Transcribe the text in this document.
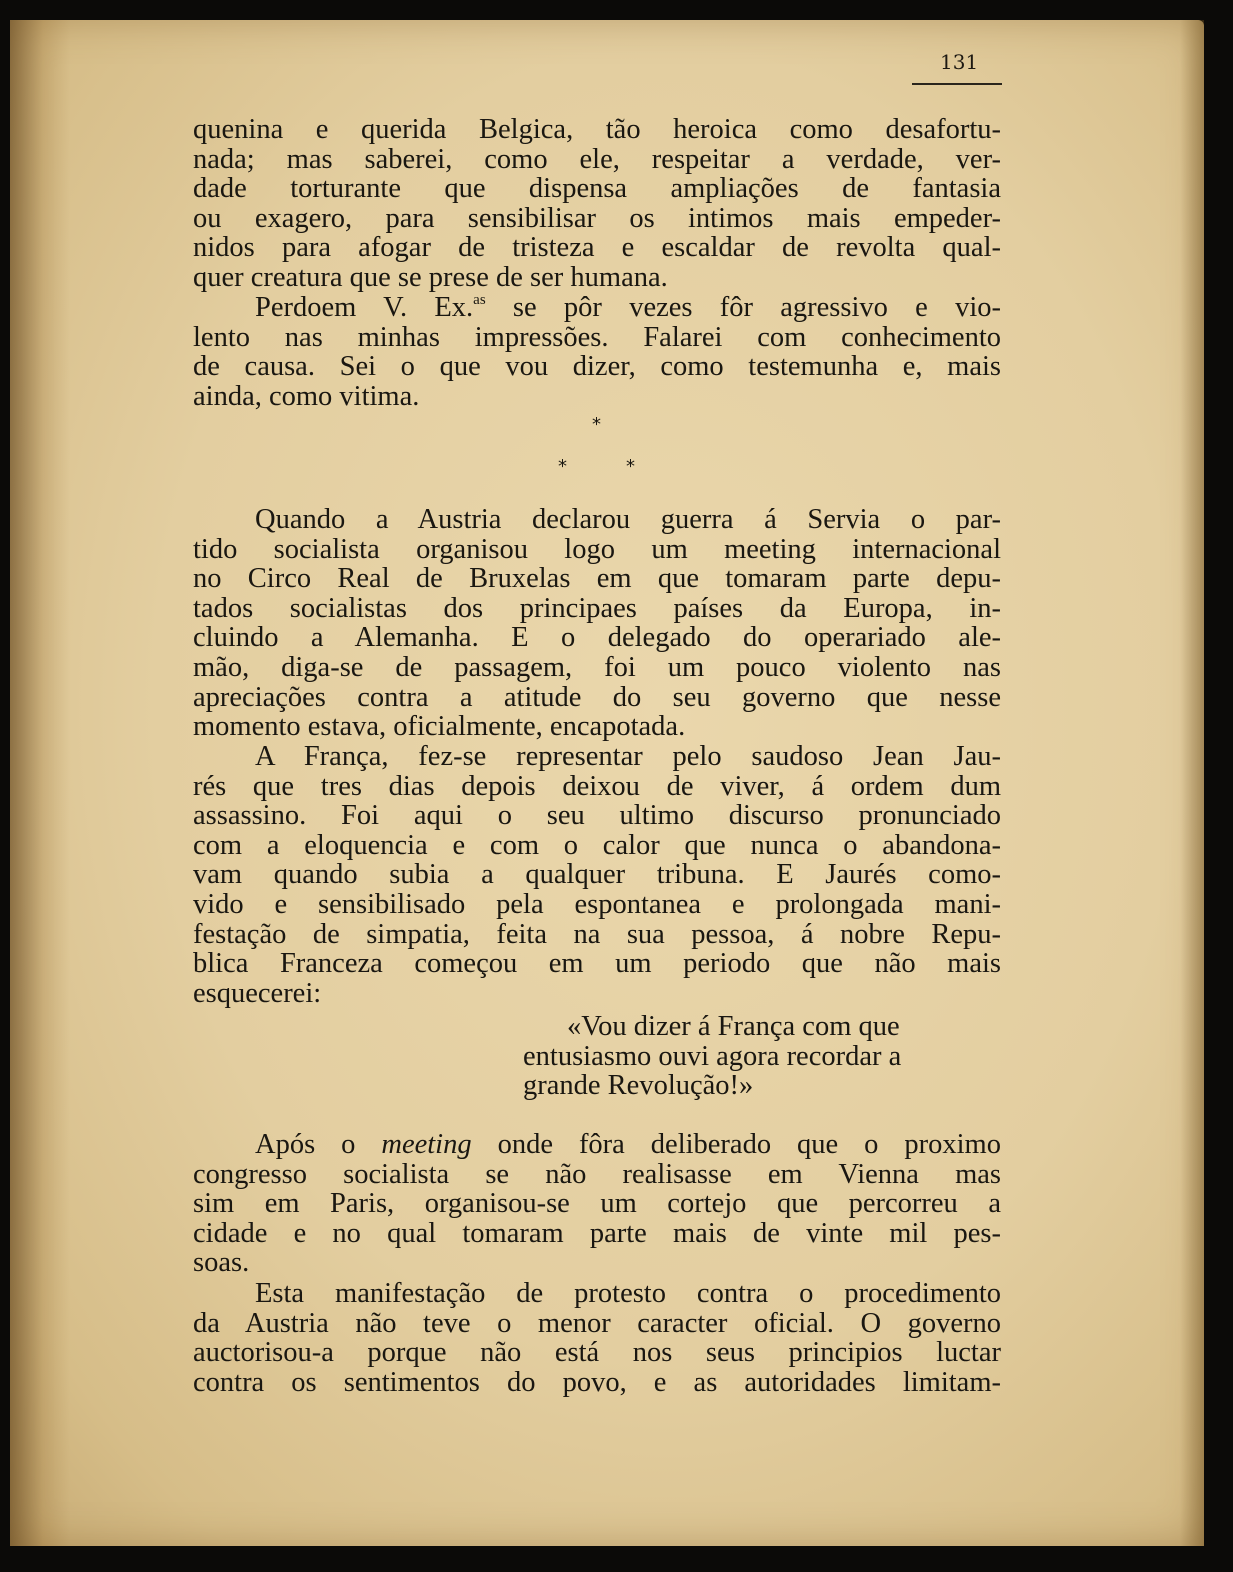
131
quenina e querida Belgica, tão heroica como desafortu-
nada; mas saberei, como ele, respeitar a verdade, ver-
dade torturante que dispensa ampliações de fantasia
ou exagero, para sensibilisar os intimos mais empeder-
nidos para afogar de tristeza e escaldar de revolta qual-
quer creatura que se prese de ser humana.
Perdoem V. Ex.$^{as}$ se pôr vezes fôr agressivo e vio-
lento nas minhas impressões. Falarei com conhecimento
de causa. Sei o que vou dizer, como testemunha e, mais
ainda, como vitima.
*
*	*
Quando a Austria declarou guerra á Servia o par-
tido socialista organisou logo um meeting internacional
no Circo Real de Bruxelas em que tomaram parte depu-
tados socialistas dos principaes países da Europa, in-
cluindo a Alemanha. E o delegado do operariado ale-
mão, diga-se de passagem, foi um pouco violento nas
apreciações contra a atitude do seu governo que nesse
momento estava, oficialmente, encapotada.
A França, fez-se representar pelo saudoso Jean Jau-
rés que tres dias depois deixou de viver, á ordem dum
assassino. Foi aqui o seu ultimo discurso pronunciado
com a eloquencia e com o calor que nunca o abandona-
vam quando subia a qualquer tribuna. E Jaurés como-
vido e sensibilisado pela espontanea e prolongada mani-
festação de simpatia, feita na sua pessoa, á nobre Repu-
blica Franceza começou em um periodo que não mais
esquecerei:
«Vou dizer á França com que
entusiasmo ouvi agora recordar a
grande Revolução!»
Após o meeting onde fôra deliberado que o proximo
congresso socialista se não realisasse em Vienna mas
sim em Paris, organisou-se um cortejo que percorreu a
cidade e no qual tomaram parte mais de vinte mil pes-
soas.
Esta manifestação de protesto contra o procedimento
da Austria não teve o menor caracter oficial. O governo
auctorisou-a porque não está nos seus principios luctar
contra os sentimentos do povo, e as autoridades limitam-
